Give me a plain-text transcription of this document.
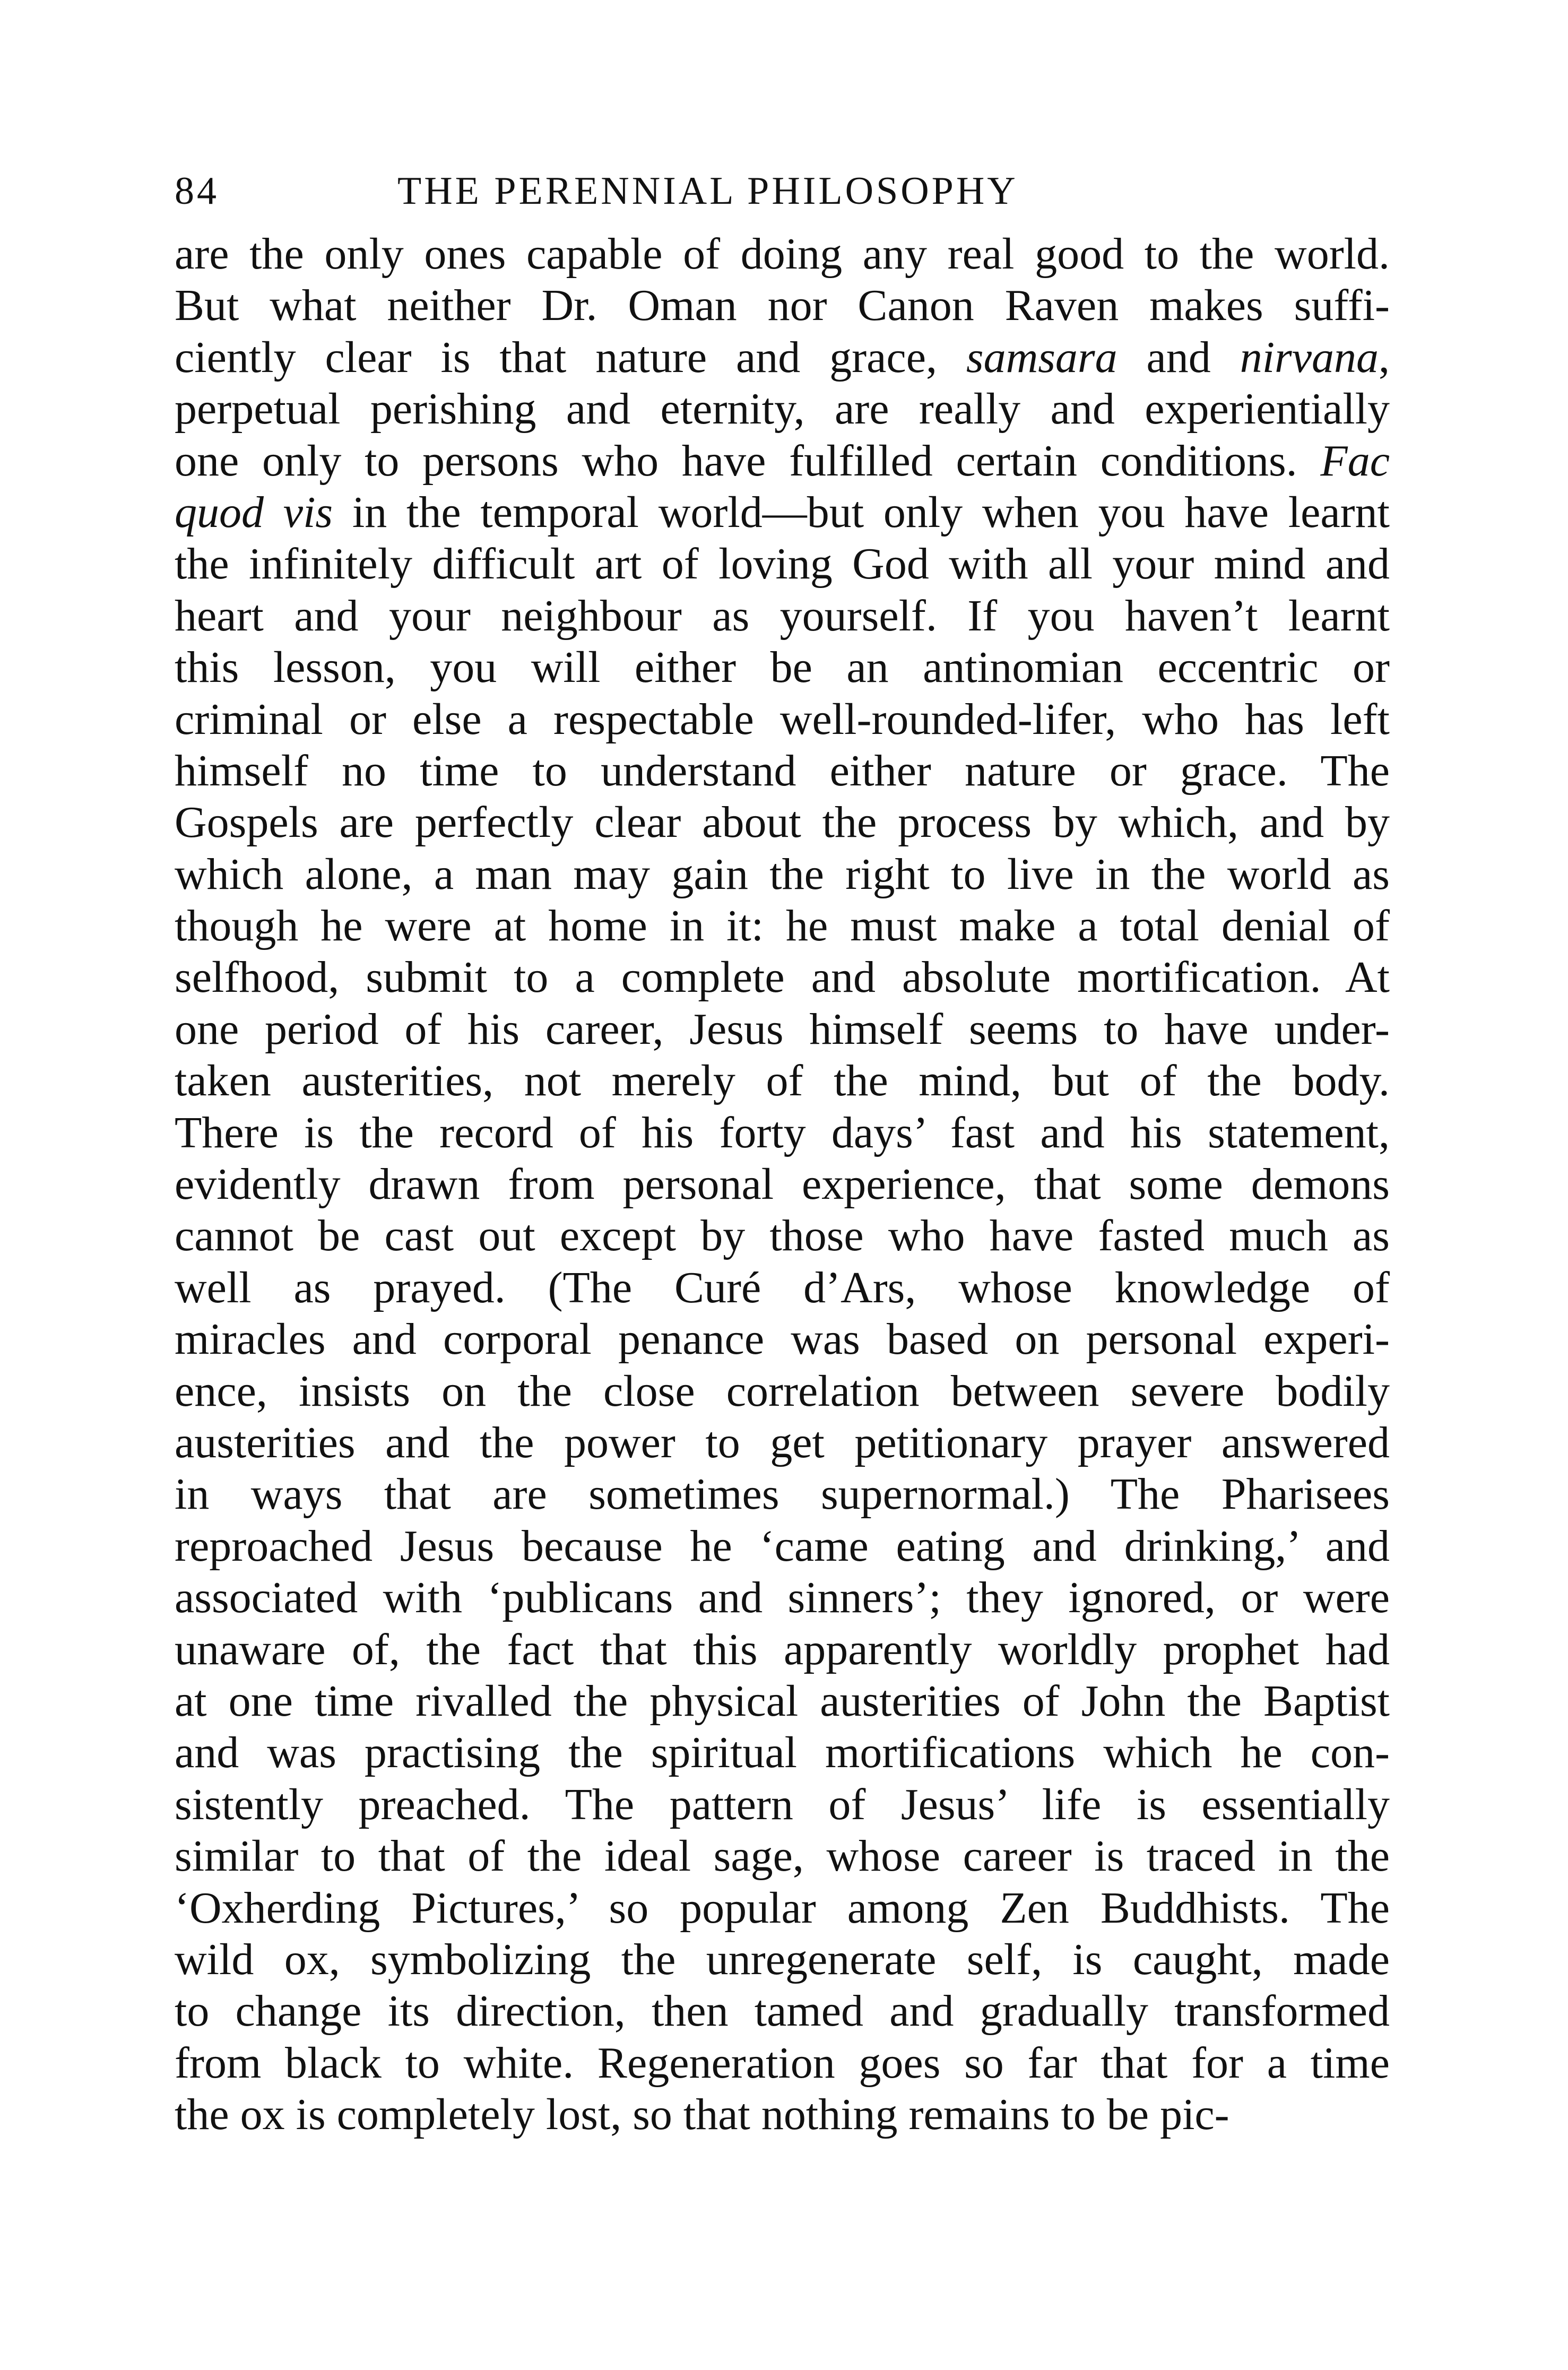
84	THE PERENNIAL PHILOSOPHY
are the only ones capable of doing any real good to the world.
But what neither Dr. Oman nor Canon Raven makes suffi-
ciently clear is that nature and grace, samsara and nirvana,
perpetual perishing and eternity, are really and experientially
one only to persons who have fulfilled certain conditions. Fac
quod vis in the temporal world—but only when you have learnt
the infinitely difficult art of loving God with all your mind and
heart and your neighbour as yourself. If you haven’t learnt
this lesson, you will either be an antinomian eccentric or
criminal or else a respectable well-rounded-lifer, who has left
himself no time to understand either nature or grace. The
Gospels are perfectly clear about the process by which, and by
which alone, a man may gain the right to live in the world as
though he were at home in it: he must make a total denial of
selfhood, submit to a complete and absolute mortification. At
one period of his career, Jesus himself seems to have under-
taken austerities, not merely of the mind, but of the body.
There is the record of his forty days’ fast and his statement,
evidently drawn from personal experience, that some demons
cannot be cast out except by those who have fasted much as
well as prayed. (The Curé d’Ars, whose knowledge of
miracles and corporal penance was based on personal experi-
ence, insists on the close correlation between severe bodily
austerities and the power to get petitionary prayer answered
in ways that are sometimes supernormal.) The Pharisees
reproached Jesus because he ‘came eating and drinking,’ and
associated with ‘publicans and sinners’; they ignored, or were
unaware of, the fact that this apparently worldly prophet had
at one time rivalled the physical austerities of John the Baptist
and was practising the spiritual mortifications which he con-
sistently preached. The pattern of Jesus’ life is essentially
similar to that of the ideal sage, whose career is traced in the
‘Oxherding Pictures,’ so popular among Zen Buddhists. The
wild ox, symbolizing the unregenerate self, is caught, made
to change its direction, then tamed and gradually transformed
from black to white. Regeneration goes so far that for a time
the ox is completely lost, so that nothing remains to be pic-
